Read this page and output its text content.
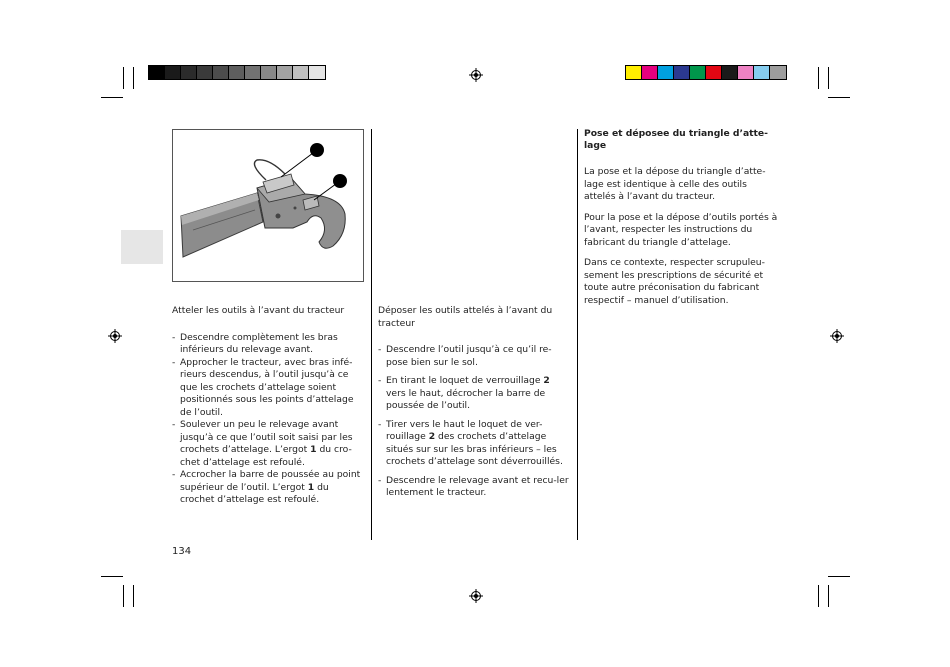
Atteler les outils à l’avant du tracteur

- Descendre complètement les bras inférieurs du relevage avant.
- Approcher le tracteur, avec bras infé-rieurs descendus, à l’outil jusqu’à ce que les crochets d’attelage soient positionnés sous les points d’attelage de l’outil.
- Soulever un peu le relevage avant jusqu’à ce que l’outil soit saisi par les crochets d’attelage. L’ergot 1 du cro-chet d’attelage est refoulé.
- Accrocher la barre de poussée au point supérieur de l’outil. L’ergot 1 du crochet d’attelage est refoulé.

Déposer les outils attelés à l’avant du tracteur

- Descendre l’outil jusqu’à ce qu’il re-pose bien sur le sol.
- En tirant le loquet de verrouillage 2 vers le haut, décrocher la barre de poussée de l’outil.
- Tirer vers le haut le loquet de ver-rouillage 2 des crochets d’attelage situés sur sur les bras inférieurs – les crochets d’attelage sont déverrouillés.
- Descendre le relevage avant et recu-ler lentement le tracteur.

Pose et déposee du triangle d’atte-lage

La pose et la dépose du triangle d’atte-lage est identique à celle des outils attelés à l’avant du tracteur.

Pour la pose et la dépose d’outils portés à l’avant, respecter les instructions du fabricant du triangle d’attelage.

Dans ce contexte, respecter scrupuleu-sement les prescriptions de sécurité et toute autre préconisation du fabricant respectif – manuel d’utilisation.

134
